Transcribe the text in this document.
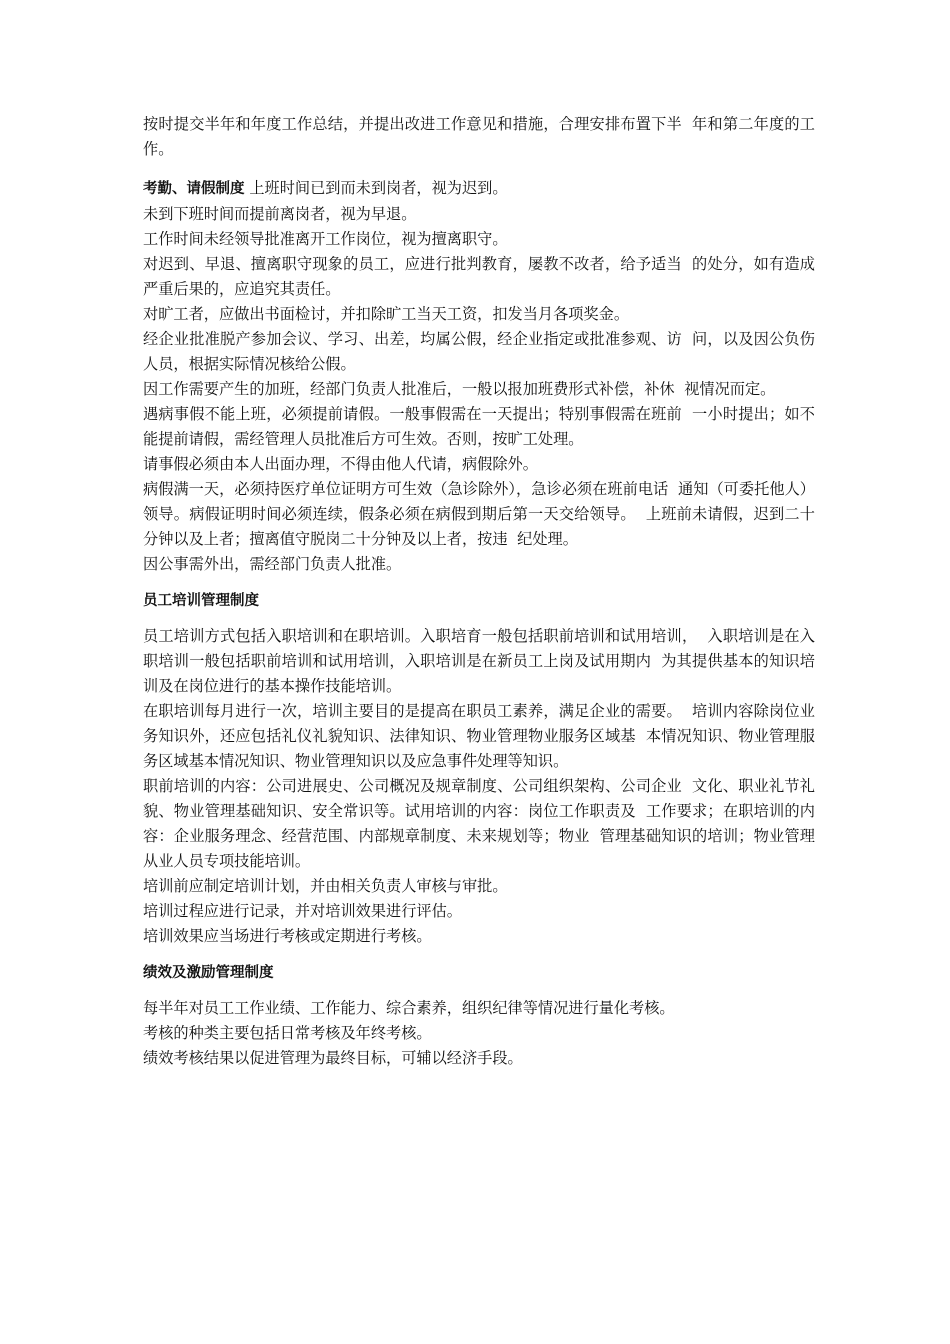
按时提交半年和年度工作总结，并提出改进工作意见和措施，合理安排布置下半  年和第二年度的工作。

考勤、请假制度 上班时间已到而未到岗者，视为迟到。

未到下班时间而提前离岗者，视为早退。

工作时间未经领导批准离开工作岗位，视为擅离职守。

对迟到、早退、擅离职守现象的员工，应进行批判教育，屡教不改者，给予适当  的处分，如有造成严重后果的，应追究其责任。

对旷工者，应做出书面检讨，并扣除旷工当天工资，扣发当月各项奖金。

经企业批准脱产参加会议、学习、出差，均属公假，经企业指定或批准参观、访  问，以及因公负伤人员，根据实际情况核给公假。

因工作需要产生的加班，经部门负责人批准后，一般以报加班费形式补偿，补休  视情况而定。

遇病事假不能上班，必须提前请假。一般事假需在一天提出；特别事假需在班前  一小时提出；如不能提前请假，需经管理人员批准后方可生效。否则，按旷工处理。

请事假必须由本人出面办理，不得由他人代请，病假除外。

病假满一天，必须持医疗单位证明方可生效（急诊除外），急诊必须在班前电话  通知（可委托他人）领导。病假证明时间必须连续，假条必须在病假到期后第一天交给领导。  上班前未请假，迟到二十分钟以及上者；擅离值守脱岗二十分钟及以上者，按违  纪处理。

因公事需外出，需经部门负责人批准。

员工培训管理制度

员工培训方式包括入职培训和在职培训。入职培育一般包括职前培训和试用培训，  入职培训是在入职培训一般包括职前培训和试用培训，入职培训是在新员工上岗及试用期内  为其提供基本的知识培训及在岗位进行的基本操作技能培训。

在职培训每月进行一次，培训主要目的是提高在职员工素养，满足企业的需要。  培训内容除岗位业务知识外，还应包括礼仪礼貌知识、法律知识、物业管理物业服务区域基  本情况知识、物业管理服务区域基本情况知识、物业管理知识以及应急事件处理等知识。

职前培训的内容：公司进展史、公司概况及规章制度、公司组织架构、公司企业  文化、职业礼节礼貌、物业管理基础知识、安全常识等。试用培训的内容：岗位工作职责及  工作要求；在职培训的内容：企业服务理念、经营范围、内部规章制度、未来规划等；物业  管理基础知识的培训；物业管理从业人员专项技能培训。

培训前应制定培训计划，并由相关负责人审核与审批。

培训过程应进行记录，并对培训效果进行评估。

培训效果应当场进行考核或定期进行考核。

绩效及激励管理制度

每半年对员工工作业绩、工作能力、综合素养，组织纪律等情况进行量化考核。

考核的种类主要包括日常考核及年终考核。

绩效考核结果以促进管理为最终目标，可辅以经济手段。
